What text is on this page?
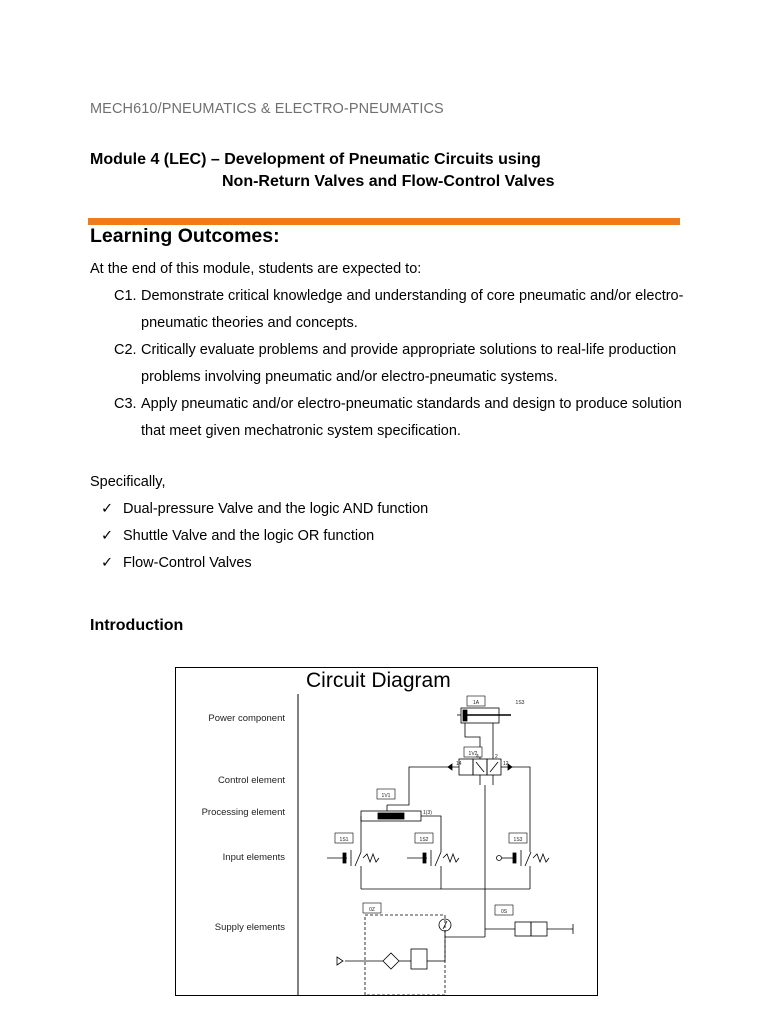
MECH610/PNEUMATICS & ELECTRO-PNEUMATICS
Module 4 (LEC) – Development of Pneumatic Circuits using
Non-Return Valves and Flow-Control Valves
Learning Outcomes:
At the end of this module, students are expected to:
C1. Demonstrate critical knowledge and understanding of core pneumatic and/or electro-pneumatic theories and concepts.
C2. Critically evaluate problems and provide appropriate solutions to real-life production problems involving pneumatic and/or electro-pneumatic systems.
C3. Apply pneumatic and/or electro-pneumatic standards and design to produce solution that meet given mechatronic system specification.
Specifically,
✓ Dual-pressure Valve and the logic AND function
✓ Shuttle Valve and the logic OR function
✓ Flow-Control Valves
Introduction
Circuit Diagram
Power component
Control element
Processing element
Input elements
Supply elements
1A	1S3
1V2
1V1
1S1	1S2	1S3
0Z	0S
14	12
4	2
1(3)
